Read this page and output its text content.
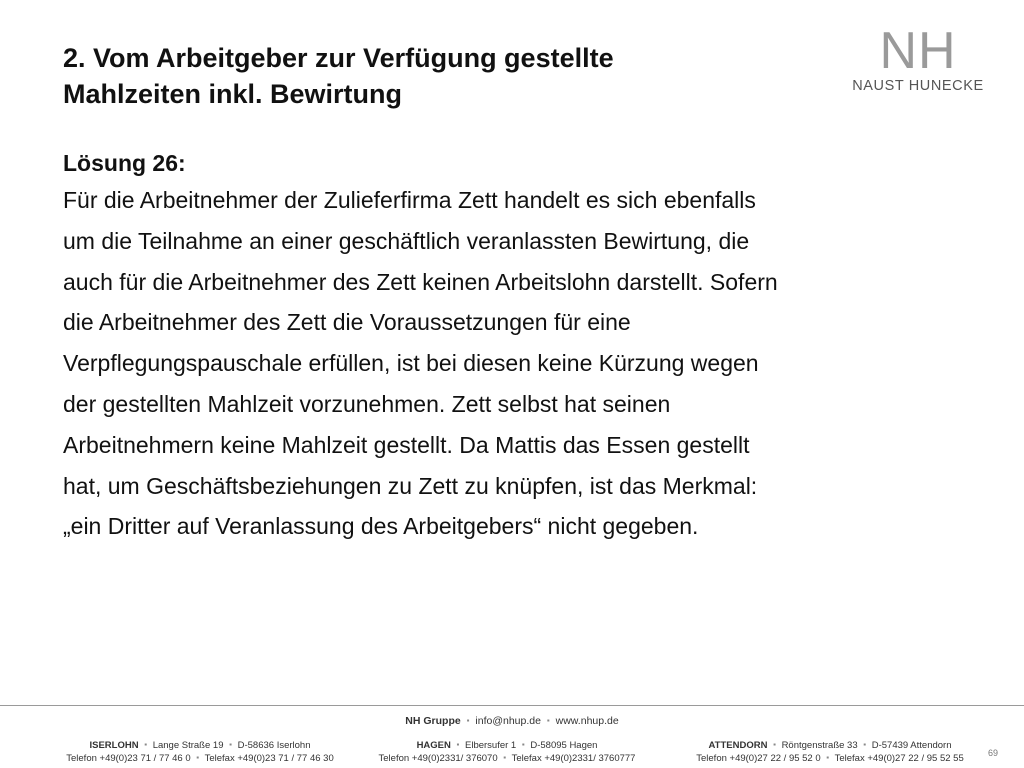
2. Vom Arbeitgeber zur Verfügung gestellte
Mahlzeiten inkl. Bewirtung
NH
NAUST HUNECKE
Lösung 26:
Für die Arbeitnehmer der Zulieferfirma Zett handelt es sich ebenfalls
um die Teilnahme an einer geschäftlich veranlassten Bewirtung, die
auch für die Arbeitnehmer des Zett keinen Arbeitslohn darstellt. Sofern
die Arbeitnehmer des Zett die Voraussetzungen für eine
Verpflegungspauschale erfüllen, ist bei diesen keine Kürzung wegen
der gestellten Mahlzeit vorzunehmen. Zett selbst hat seinen
Arbeitnehmern keine Mahlzeit gestellt. Da Mattis das Essen gestellt
hat, um Geschäftsbeziehungen zu Zett zu knüpfen, ist das Merkmal:
„ein Dritter auf Veranlassung des Arbeitgebers“ nicht gegeben.
NH Gruppe ▪ info@nhup.de ▪ www.nhup.de
ISERLOHN ▪ Lange Straße 19 ▪ D-58636 Iserlohn
Telefon +49(0)23 71 / 77 46 0 ▪ Telefax +49(0)23 71 / 77 46 30
HAGEN ▪ Elbersufer 1 ▪ D-58095 Hagen
Telefon +49(0)2331/ 376070 ▪ Telefax +49(0)2331/ 3760777
ATTENDORN ▪ Röntgenstraße 33 ▪ D-57439 Attendorn
Telefon +49(0)27 22 / 95 52 0 ▪ Telefax +49(0)27 22 / 95 52 55	69
